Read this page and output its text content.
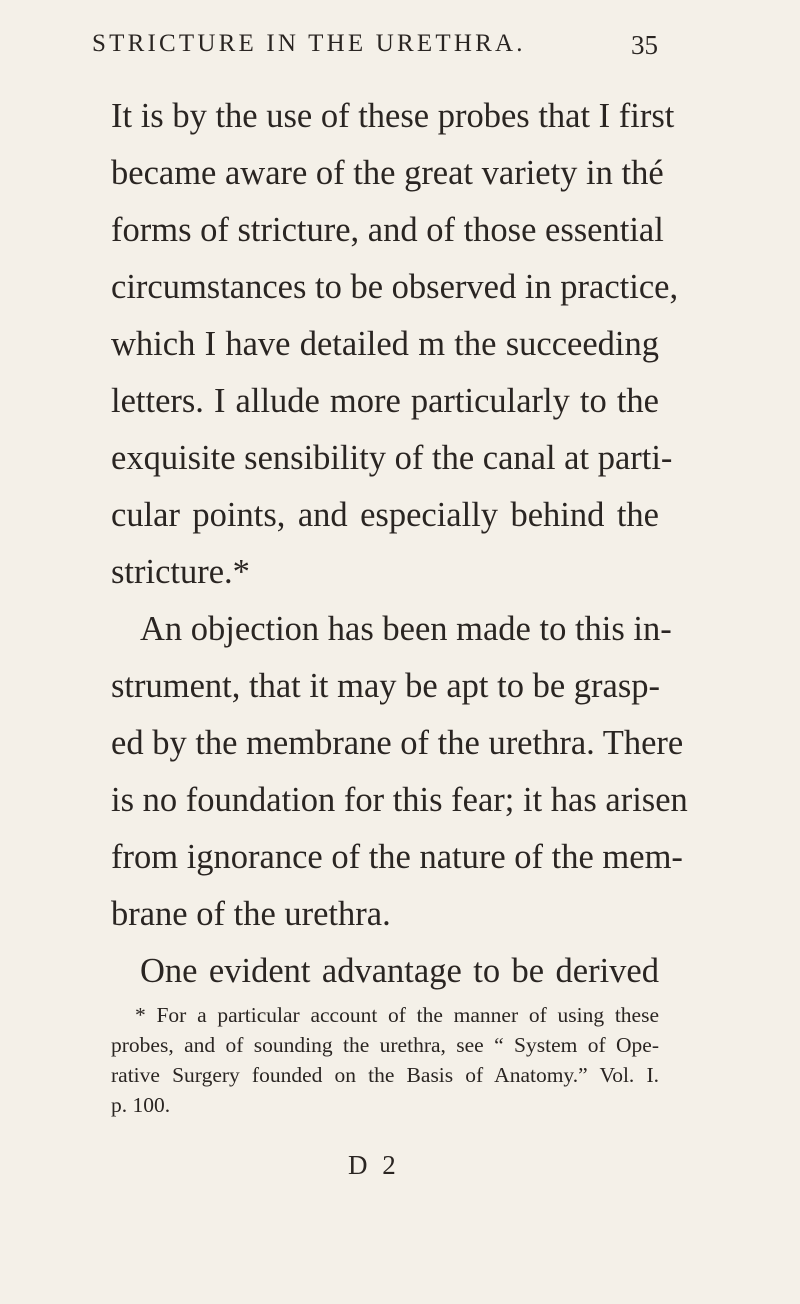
STRICTURE IN THE URETHRA.	35
It is by the use of these probes that I first
became aware of the great variety in thé
forms of stricture, and of those essential
circumstances to be observed in practice,
which I have detailed m the succeeding
letters. I allude more particularly to the
exquisite sensibility of the canal at parti-
cular points, and especially behind the
stricture.*
An objection has been made to this in-
strument, that it may be apt to be grasp-
ed by the membrane of the urethra. There
is no foundation for this fear; it has arisen
from ignorance of the nature of the mem-
brane of the urethra.
One evident advantage to be derived
* For a particular account of the manner of using these
probes, and of sounding the urethra, see “ System of Ope-
rative Surgery founded on the Basis of Anatomy.” Vol. I.
p. 100.
D 2
